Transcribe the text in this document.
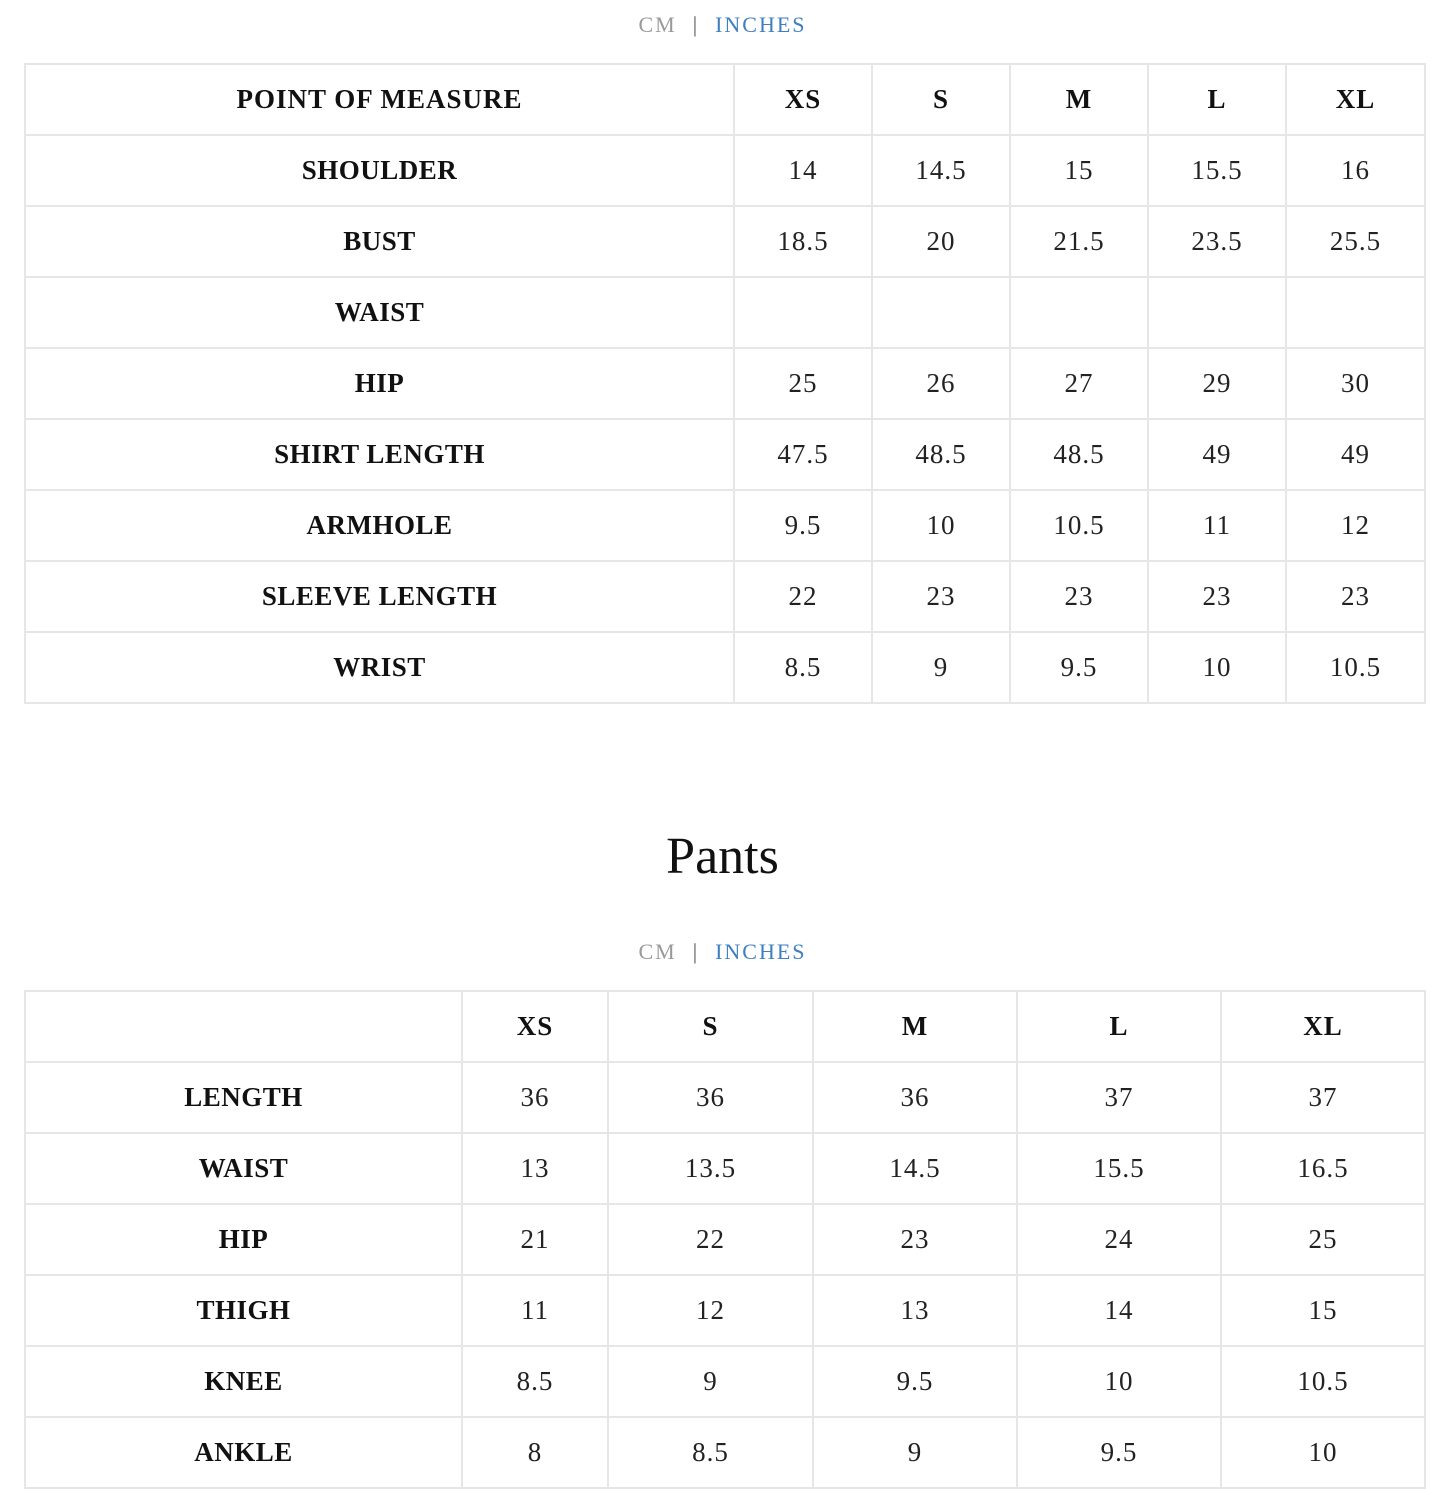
CM | INCHES
POINT OF MEASURE	XS	S	M	L	XL
SHOULDER	14	14.5	15	15.5	16
BUST	18.5	20	21.5	23.5	25.5
WAIST					
HIP	25	26	27	29	30
SHIRT LENGTH	47.5	48.5	48.5	49	49
ARMHOLE	9.5	10	10.5	11	12
SLEEVE LENGTH	22	23	23	23	23
WRIST	8.5	9	9.5	10	10.5
Pants
CM | INCHES
	XS	S	M	L	XL
LENGTH	36	36	36	37	37
WAIST	13	13.5	14.5	15.5	16.5
HIP	21	22	23	24	25
THIGH	11	12	13	14	15
KNEE	8.5	9	9.5	10	10.5
ANKLE	8	8.5	9	9.5	10
